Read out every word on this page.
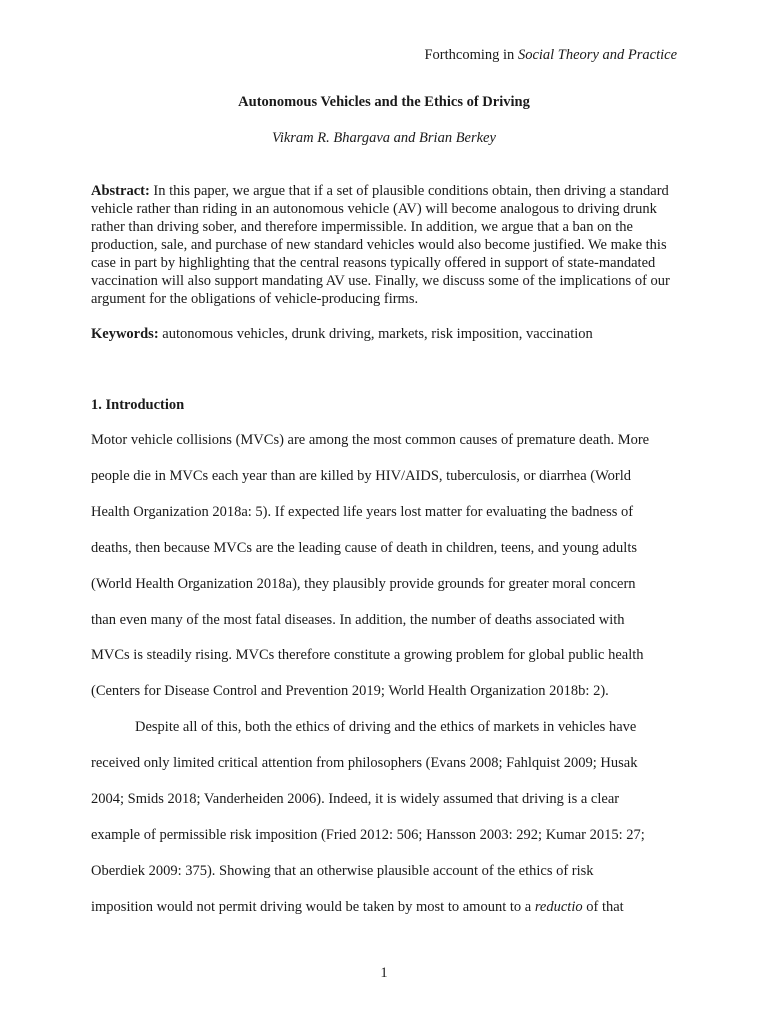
Forthcoming in Social Theory and Practice
Autonomous Vehicles and the Ethics of Driving
Vikram R. Bhargava and Brian Berkey

Abstract: In this paper, we argue that if a set of plausible conditions obtain, then driving a standard vehicle rather than riding in an autonomous vehicle (AV) will become analogous to driving drunk rather than driving sober, and therefore impermissible. In addition, we argue that a ban on the production, sale, and purchase of new standard vehicles would also become justified. We make this case in part by highlighting that the central reasons typically offered in support of state-mandated vaccination will also support mandating AV use. Finally, we discuss some of the implications of our argument for the obligations of vehicle-producing firms.

Keywords: autonomous vehicles, drunk driving, markets, risk imposition, vaccination

1. Introduction
Motor vehicle collisions (MVCs) are among the most common causes of premature death. More
people die in MVCs each year than are killed by HIV/AIDS, tuberculosis, or diarrhea (World
Health Organization 2018a: 5). If expected life years lost matter for evaluating the badness of
deaths, then because MVCs are the leading cause of death in children, teens, and young adults
(World Health Organization 2018a), they plausibly provide grounds for greater moral concern
than even many of the most fatal diseases. In addition, the number of deaths associated with
MVCs is steadily rising. MVCs therefore constitute a growing problem for global public health
(Centers for Disease Control and Prevention 2019; World Health Organization 2018b: 2).
Despite all of this, both the ethics of driving and the ethics of markets in vehicles have
received only limited critical attention from philosophers (Evans 2008; Fahlquist 2009; Husak
2004; Smids 2018; Vanderheiden 2006). Indeed, it is widely assumed that driving is a clear
example of permissible risk imposition (Fried 2012: 506; Hansson 2003: 292; Kumar 2015: 27;
Oberdiek 2009: 375). Showing that an otherwise plausible account of the ethics of risk
imposition would not permit driving would be taken by most to amount to a reductio of that
1
